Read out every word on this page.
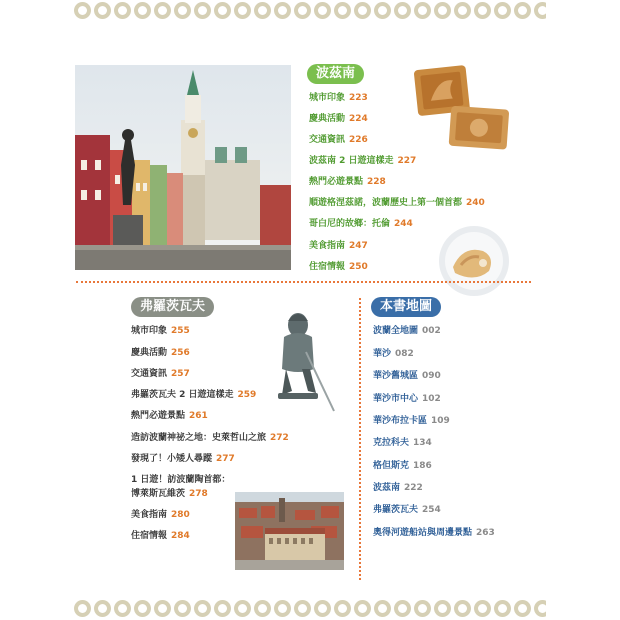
波茲南
城市印象 223
慶典活動 224
交通資訊 226
波茲南 2 日遊這樣走 227
熱門必遊景點 228
順遊格涅茲諾，波蘭歷史上第一個首都 240
哥白尼的故鄉：托倫 244
美食指南 247
住宿情報 250
弗羅茨瓦夫
城市印象 255
慶典活動 256
交通資訊 257
弗羅茨瓦夫 2 日遊這樣走 259
熱門必遊景點 261
造訪波蘭神祕之地：史萊哲山之旅 272
發現了！小矮人尋蹤 277
1 日遊！訪波蘭陶首都：
博萊斯瓦維茨 278
美食指南 280
住宿情報 284
本書地圖
波蘭全地圖 002
華沙 082
華沙舊城區 090
華沙市中心 102
華沙布拉卡區 109
克拉科夫 134
格但斯克 186
波茲南 222
弗羅茨瓦夫 254
奧得河遊船站與周邊景點 263
